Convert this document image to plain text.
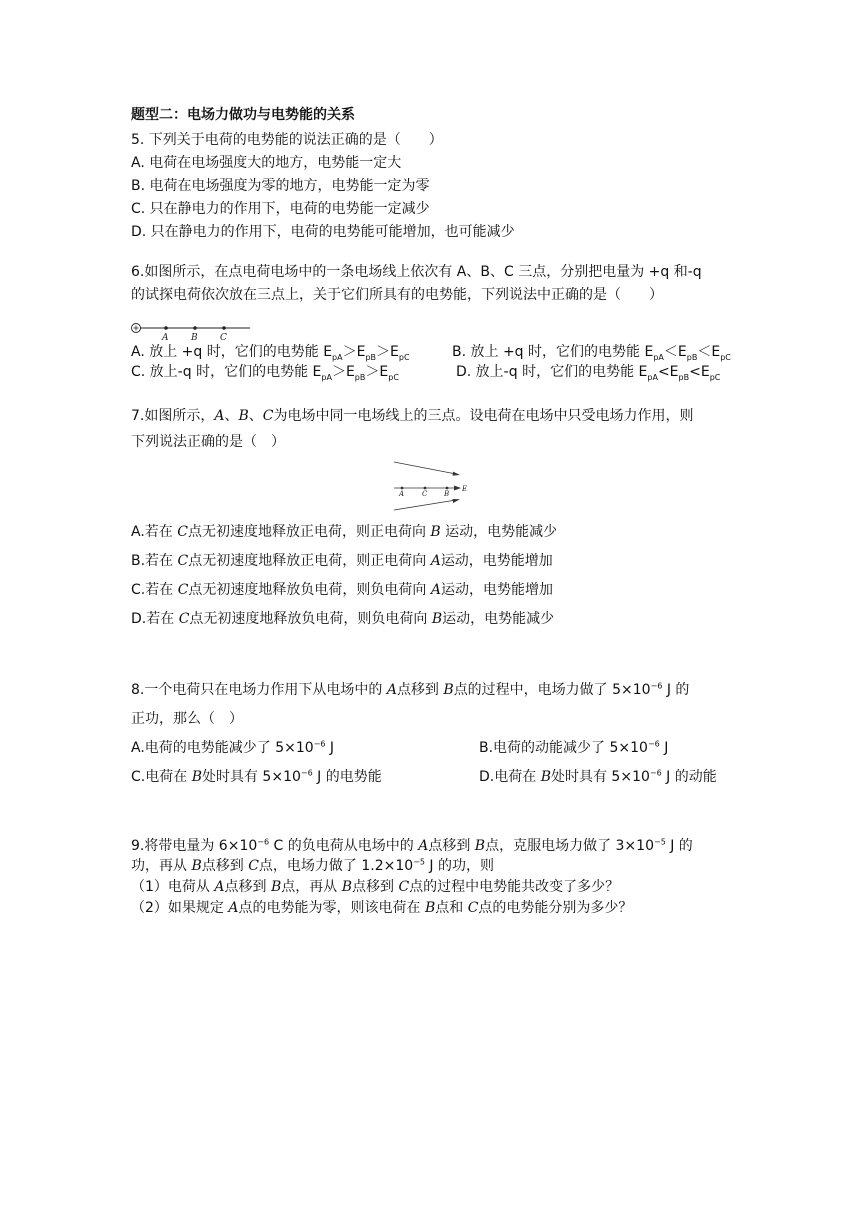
题型二：电场力做功与电势能的关系
5. 下列关于电荷的电势能的说法正确的是（　　）
A. 电荷在电场强度大的地方，电势能一定大
B. 电荷在电场强度为零的地方，电势能一定为零
C. 只在静电力的作用下，电荷的电势能一定减少
D. 只在静电力的作用下，电荷的电势能可能增加，也可能减少
6.如图所示，在点电荷电场中的一条电场线上依次有 A、B、C 三点，分别把电量为 +q 和-q
的试探电荷依次放在三点上，关于它们所具有的电势能，下列说法中正确的是（　　）
A	B C
A. 放上 +q 时，它们的电势能 $E_{pA}>E_{pB}>E_{pC}$	B. 放上 +q 时，它们的电势能 $E_{pA}<E_{pB}<E_{pC}$
C. 放上-q 时，它们的电势能 $E_{pA}>E_{pB}>E_{pC}$	D. 放上-q 时，它们的电势能 $E_{pA}<E_{pB}<E_{pC}$
7.如图所示，A、B、C为电场中同一电场线上的三点。设电荷在电场中只受电场力作用，则
下列说法正确的是（　）
A	C B
E
A.若在 C点无初速度地释放正电荷，则正电荷向 B 运动，电势能减少
B.若在 C点无初速度地释放正电荷，则正电荷向 A运动，电势能增加
C.若在 C点无初速度地释放负电荷，则负电荷向 A运动，电势能增加
D.若在 C点无初速度地释放负电荷，则负电荷向 B运动，电势能减少
8.一个电荷只在电场力作用下从电场中的 A点移到 B点的过程中，电场力做了 $5\times 10^{-6}$ J 的
正功，那么（　）
A.电荷的电势能减少了 $5\times 10^{-6}$ J	B.电荷的动能减少了 $5\times 10^{-6}$ J
C.电荷在 B处时具有 $5\times 10^{-6}$ J 的电势能	D.电荷在 B处时具有 $5\times 10^{-6}$ J 的动能
9.将带电量为 $6\times 10^{-6}$ C 的负电荷从电场中的 A点移到 B点，克服电场力做了 $3\times 10^{-5}$ J 的
功，再从 B点移到 C点，电场力做了 $1.2\times 10^{-5}$ J 的功，则
（1）电荷从 A点移到 B点，再从 B点移到 C点的过程中电势能共改变了多少？
（2）如果规定 A点的电势能为零，则该电荷在 B点和 C点的电势能分别为多少？
